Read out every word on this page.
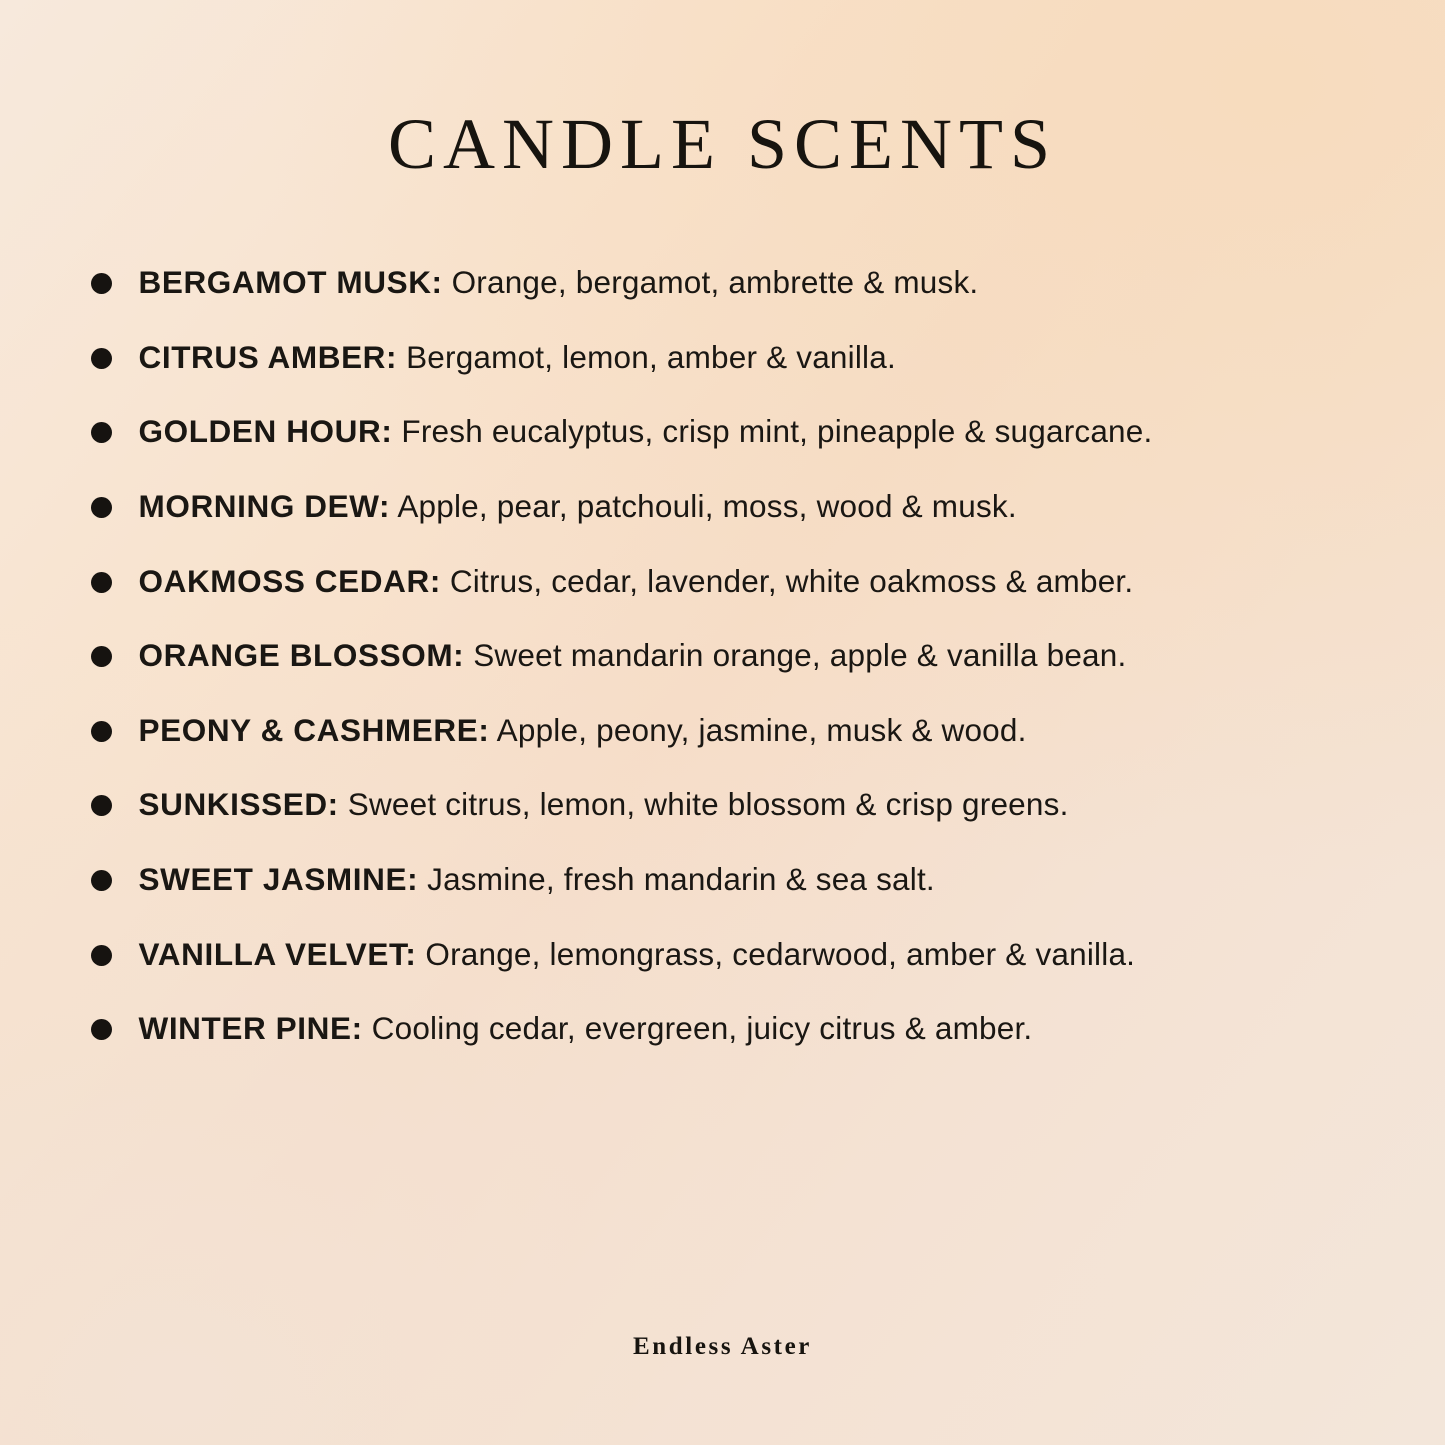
CANDLE SCENTS
BERGAMOT MUSK: Orange, bergamot, ambrette & musk.
CITRUS AMBER: Bergamot, lemon, amber & vanilla.
GOLDEN HOUR: Fresh eucalyptus, crisp mint, pineapple & sugarcane.
MORNING DEW: Apple, pear, patchouli, moss, wood & musk.
OAKMOSS CEDAR: Citrus, cedar, lavender, white oakmoss & amber.
ORANGE BLOSSOM: Sweet mandarin orange, apple & vanilla bean.
PEONY & CASHMERE: Apple, peony, jasmine, musk & wood.
SUNKISSED: Sweet citrus, lemon, white blossom & crisp greens.
SWEET JASMINE: Jasmine, fresh mandarin & sea salt.
VANILLA VELVET: Orange, lemongrass, cedarwood, amber & vanilla.
WINTER PINE: Cooling cedar, evergreen, juicy citrus & amber.
Endless Aster
